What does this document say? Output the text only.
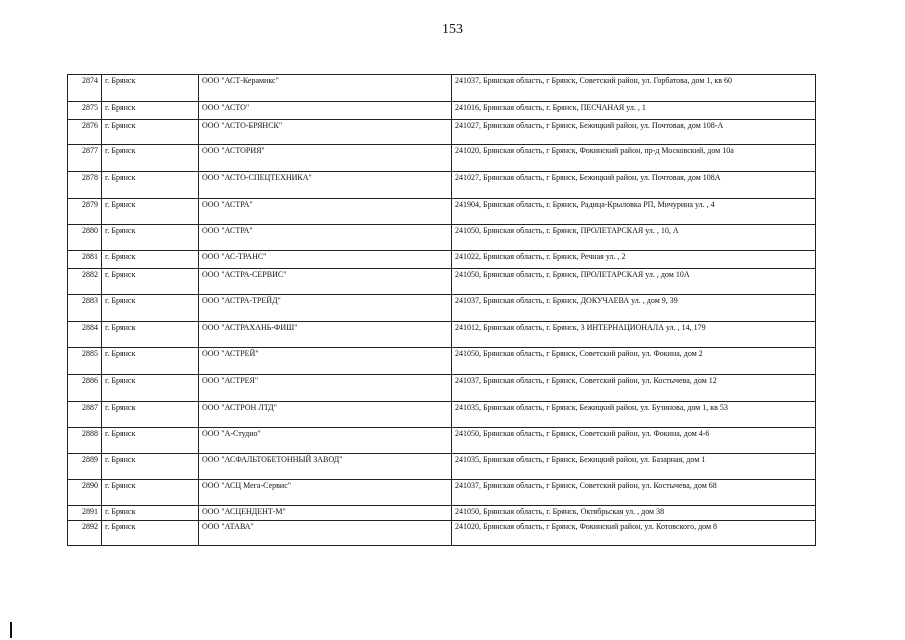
153
2874	г. Брянск	ООО "АСТ-Керамикс"	241037, Брянская область, г Брянск, Советский район, ул. Горбатова, дом 1, кв 60
2875	г. Брянск	ООО "АСТО"	241016, Брянская область, г. Брянск, ПЕСЧАНАЯ ул. , 1
2876	г. Брянск	ООО "АСТО-БРЯНСК"	241027, Брянская область, г Брянск, Бежицкий район, ул. Почтовая, дом 108-А
2877	г. Брянск	ООО "АСТОРИЯ"	241020, Брянская область, г Брянск, Фокинский район, пр-д Московский, дом 10а
2878	г. Брянск	ООО "АСТО-СПЕЦТЕХНИКА"	241027, Брянская область, г Брянск, Бежицкий район, ул. Почтовая, дом 108А
2879	г. Брянск	ООО "АСТРА"	241904, Брянская область, г. Брянск, Радица-Крыловка РП, Мичурина ул. , 4
2880	г. Брянск	ООО "АСТРА"	241050, Брянская область, г. Брянск, ПРОЛЕТАРСКАЯ ул. , 10, А
2881	г. Брянск	ООО "АС-ТРАНС"	241022, Брянская область, г. Брянск, Речная ул. , 2
2882	г. Брянск	ООО "АСТРА-СЕРВИС"	241050, Брянская область, г. Брянск, ПРОЛЕТАРСКАЯ ул. , дом 10А
2883	г. Брянск	ООО "АСТРА-ТРЕЙД"	241037, Брянская область, г. Брянск, ДОКУЧАЕВА ул. , дом 9, 39
2884	г. Брянск	ООО "АСТРАХАНЬ-ФИШ"	241012, Брянская область, г. Брянск, 3 ИНТЕРНАЦИОНАЛА ул. , 14, 179
2885	г. Брянск	ООО "АСТРЕЙ"	241050, Брянская область, г Брянск, Советский район, ул. Фокина, дом 2
2886	г. Брянск	ООО "АСТРЕЯ"	241037, Брянская область, г Брянск, Советский район, ул. Костычева, дом 12
2887	г. Брянск	ООО "АСТРОН ЛТД"	241035, Брянская область, г Брянск, Бежицкий район, ул. Бузинова, дом 1, кв 53
2888	г. Брянск	ООО "А-Студио"	241050, Брянская область, г Брянск, Советский район, ул. Фокина, дом 4-6
2889	г. Брянск	ООО "АСФАЛЬТОБЕТОННЫЙ ЗАВОД"	241035, Брянская область, г Брянск, Бежицкий район, ул. Базарная, дом 1
2890	г. Брянск	ООО "АСЦ Мега-Сервис"	241037, Брянская область, г Брянск, Советский район, ул. Костычева, дом 68
2891	г. Брянск	ООО "АСЦЕНДЕНТ-М"	241050, Брянская область, г. Брянск, Октябрьская ул. , дом 38
2892	г. Брянск	ООО "АТАВА"	241020, Брянская область, г Брянск, Фокинский район, ул. Котовского, дом 8
